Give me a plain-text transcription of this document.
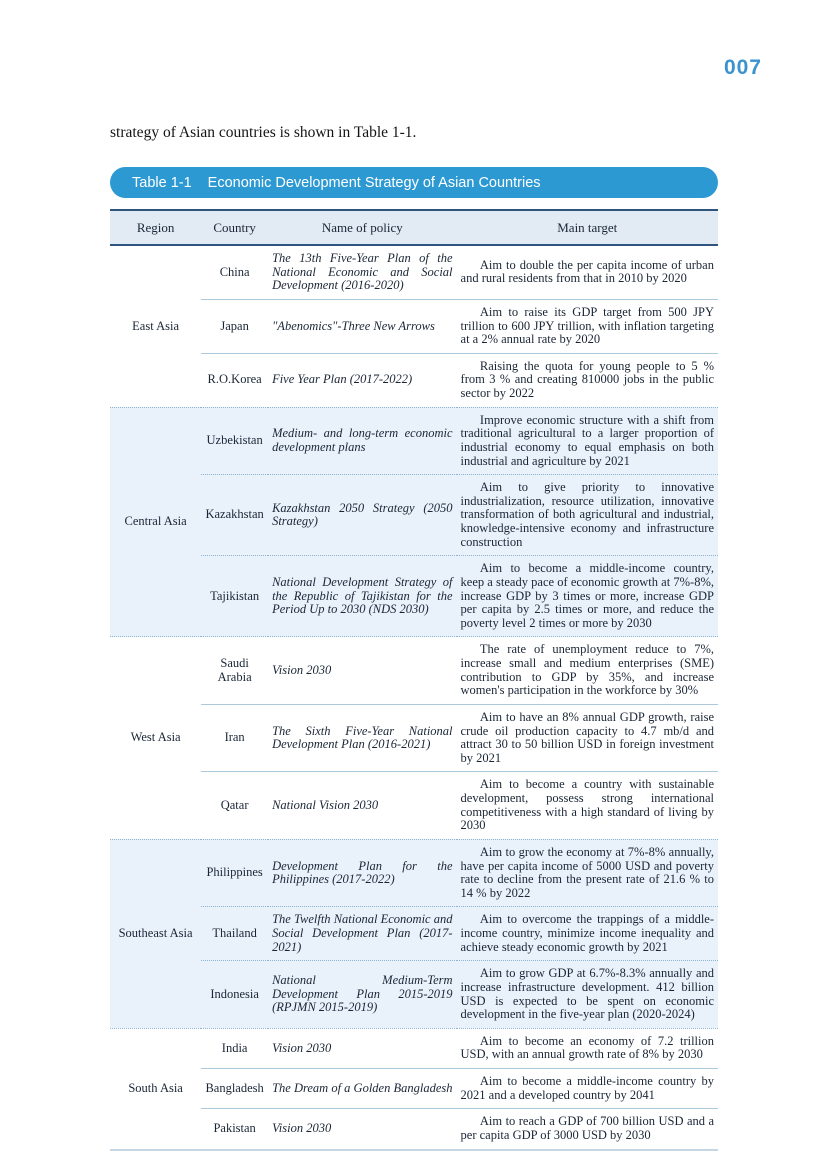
007
strategy of Asian countries is shown in Table 1-1.
Table 1-1 Economic Development Strategy of Asian Countries
Region	Country	Name of policy	Main target
East Asia	China	The 13th Five-Year Plan of the National Economic and Social Development (2016-2020)	Aim to double the per capita income of urban and rural residents from that in 2010 by 2020
	Japan	"Abenomics"-Three New Arrows	Aim to raise its GDP target from 500 JPY trillion to 600 JPY trillion, with inflation targeting at a 2% annual rate by 2020
	R.O.Korea	Five Year Plan (2017-2022)	Raising the quota for young people to 5 % from 3 % and creating 810000 jobs in the public sector by 2022
Central Asia	Uzbekistan	Medium- and long-term economic development plans	Improve economic structure with a shift from traditional agricultural to a larger proportion of industrial economy to equal emphasis on both industrial and agriculture by 2021
	Kazakhstan	Kazakhstan 2050 Strategy (2050 Strategy)	Aim to give priority to innovative industrialization, resource utilization, innovative transformation of both agricultural and industrial, knowledge-intensive economy and infrastructure construction
	Tajikistan	National Development Strategy of the Republic of Tajikistan for the Period Up to 2030 (NDS 2030)	Aim to become a middle-income country, keep a steady pace of economic growth at 7%-8%, increase GDP by 3 times or more, increase GDP per capita by 2.5 times or more, and reduce the poverty level 2 times or more by 2030
West Asia	Saudi Arabia	Vision 2030	The rate of unemployment reduce to 7%, increase small and medium enterprises (SME) contribution to GDP by 35%, and increase women's participation in the workforce by 30%
	Iran	The Sixth Five-Year National Development Plan (2016-2021)	Aim to have an 8% annual GDP growth, raise crude oil production capacity to 4.7 mb/d and attract 30 to 50 billion USD in foreign investment by 2021
	Qatar	National Vision 2030	Aim to become a country with sustainable development, possess strong international competitiveness with a high standard of living by 2030
Southeast Asia	Philippines	Development Plan for the Philippines (2017-2022)	Aim to grow the economy at 7%-8% annually, have per capita income of 5000 USD and poverty rate to decline from the present rate of 21.6 % to 14 % by 2022
	Thailand	The Twelfth National Economic and Social Development Plan (2017-2021)	Aim to overcome the trappings of a middle-income country, minimize income inequality and achieve steady economic growth by 2021
	Indonesia	National Medium-Term Development Plan 2015-2019 (RPJMN 2015-2019)	Aim to grow GDP at 6.7%-8.3% annually and increase infrastructure development. 412 billion USD is expected to be spent on economic development in the five-year plan (2020-2024)
South Asia	India	Vision 2030	Aim to become an economy of 7.2 trillion USD, with an annual growth rate of 8% by 2030
	Bangladesh	The Dream of a Golden Bangladesh	Aim to become a middle-income country by 2021 and a developed country by 2041
	Pakistan	Vision 2030	Aim to reach a GDP of 700 billion USD and a per capita GDP of 3000 USD by 2030
